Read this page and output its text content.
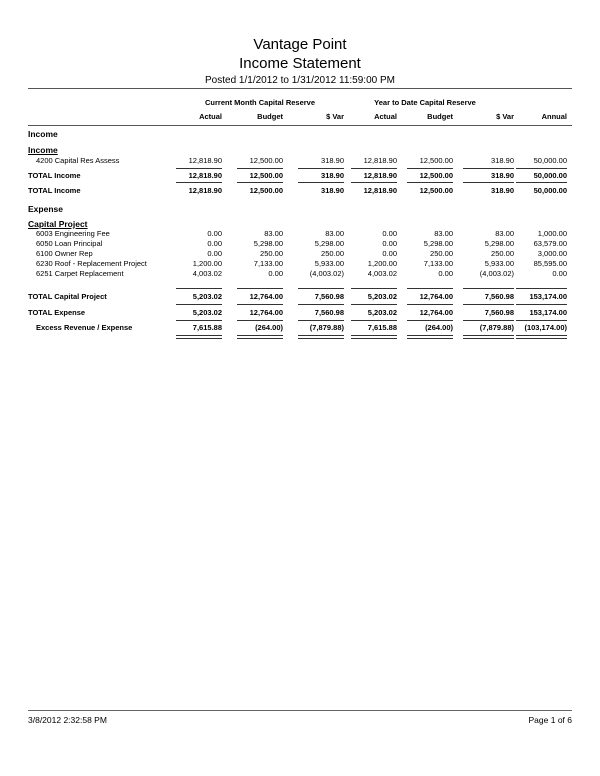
Vantage Point
Income Statement
Posted 1/1/2012 to 1/31/2012 11:59:00 PM
Current Month Capital Reserve	Year to Date Capital Reserve
Actual	Budget	$ Var	Actual	Budget	$ Var	Annual
Income
Income
Expense
Capital Project
4200 Capital Res Assess	12,818.90	12,500.00	318.90	12,818.90	12,500.00	318.90	50,000.00
TOTAL Income	12,818.90	12,500.00	318.90	12,818.90	12,500.00	318.90	50,000.00
TOTAL Income	12,818.90	12,500.00	318.90	12,818.90	12,500.00	318.90	50,000.00
6003 Engineering Fee	0.00	83.00	83.00	0.00	83.00	83.00	1,000.00
6050 Loan Principal	0.00	5,298.00	5,298.00	0.00	5,298.00	5,298.00	63,579.00
6100 Owner Rep	0.00	250.00	250.00	0.00	250.00	250.00	3,000.00
6230 Roof - Replacement Project	1,200.00	7,133.00	5,933.00	1,200.00	7,133.00	5,933.00	85,595.00
6251 Carpet Replacement	4,003.02	0.00	(4,003.02)	4,003.02	0.00	(4,003.02)	0.00
TOTAL Capital Project	5,203.02	12,764.00	7,560.98	5,203.02	12,764.00	7,560.98	153,174.00
TOTAL Expense	5,203.02	12,764.00	7,560.98	5,203.02	12,764.00	7,560.98	153,174.00
Excess Revenue / Expense	7,615.88	(264.00)	(7,879.88)	7,615.88	(264.00)	(7,879.88)	(103,174.00)
3/8/2012 2:32:58 PM	Page 1 of 6
